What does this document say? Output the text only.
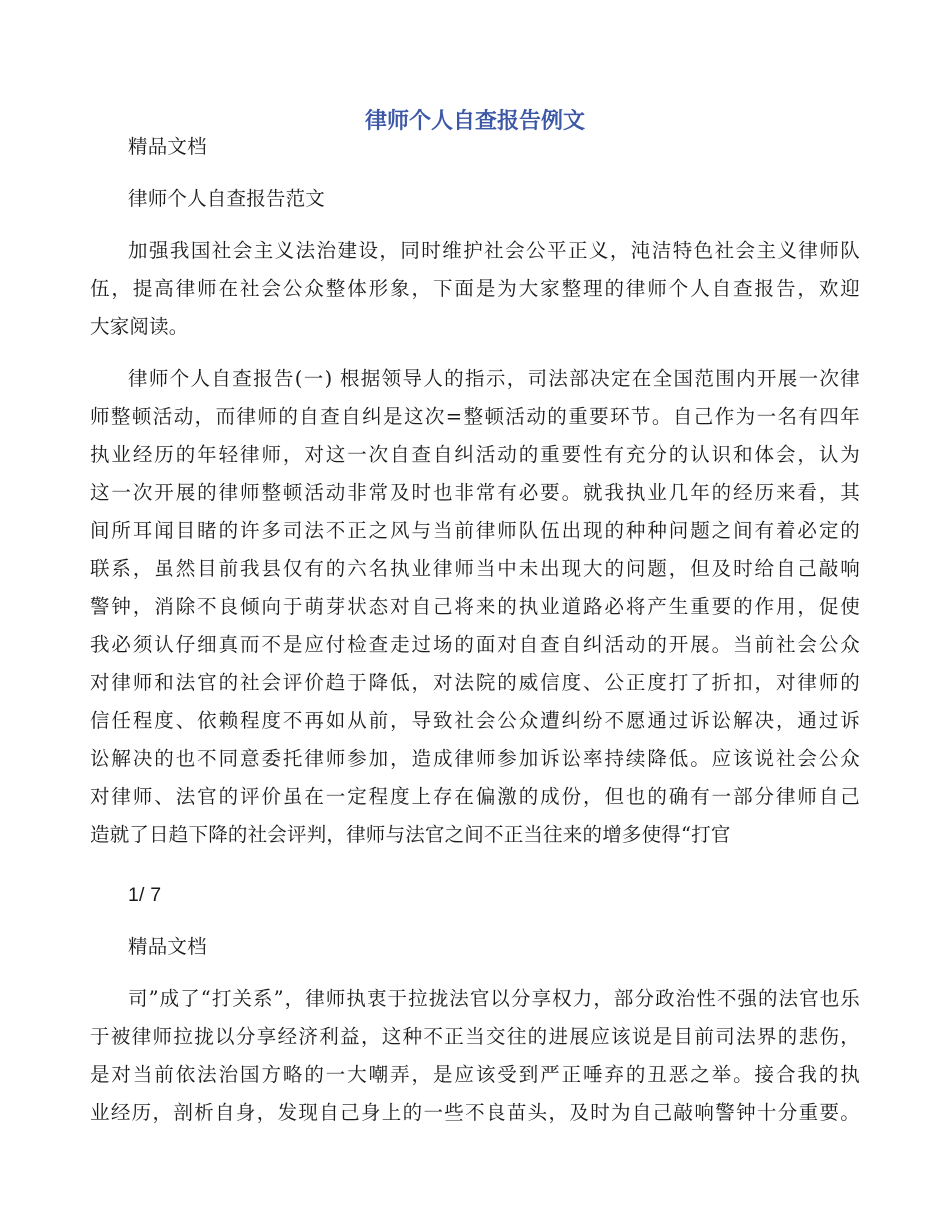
律师个人自查报告例文
精品文档
律师个人自查报告范文
加强我国社会主义法治建设，同时维护社会公平正义，沌洁特色社会主义律师队
伍，提高律师在社会公众整体形象，下面是为大家整理的律师个人自查报告，欢迎
大家阅读。
律师个人自查报告(一) 根据领导人的指示，司法部决定在全国范围内开展一次律
师整顿活动，而律师的自查自纠是这次=整顿活动的重要环节。自己作为一名有四年
执业经历的年轻律师，对这一次自查自纠活动的重要性有充分的认识和体会，认为
这一次开展的律师整顿活动非常及时也非常有必要。就我执业几年的经历来看，其
间所耳闻目睹的许多司法不正之风与当前律师队伍出现的种种问题之间有着必定的
联系，虽然目前我县仅有的六名执业律师当中未出现大的问题，但及时给自己敲响
警钟，消除不良倾向于萌芽状态对自己将来的执业道路必将产生重要的作用，促使
我必须认仔细真而不是应付检查走过场的面对自查自纠活动的开展。当前社会公众
对律师和法官的社会评价趋于降低，对法院的威信度、公正度打了折扣，对律师的
信任程度、依赖程度不再如从前，导致社会公众遭纠纷不愿通过诉讼解决，通过诉
讼解决的也不同意委托律师参加，造成律师参加诉讼率持续降低。应该说社会公众
对律师、法官的评价虽在一定程度上存在偏激的成份，但也的确有一部分律师自己
造就了日趋下降的社会评判，律师与法官之间不正当往来的增多使得“打官
1/ 7
精品文档
司”成了“打关系”，律师执衷于拉拢法官以分享权力，部分政治性不强的法官也乐
于被律师拉拢以分享经济利益，这种不正当交往的进展应该说是目前司法界的悲伤，
是对当前依法治国方略的一大嘲弄，是应该受到严正唾弃的丑恶之举。接合我的执
业经历，剖析自身，发现自己身上的一些不良苗头，及时为自己敲响警钟十分重要。
